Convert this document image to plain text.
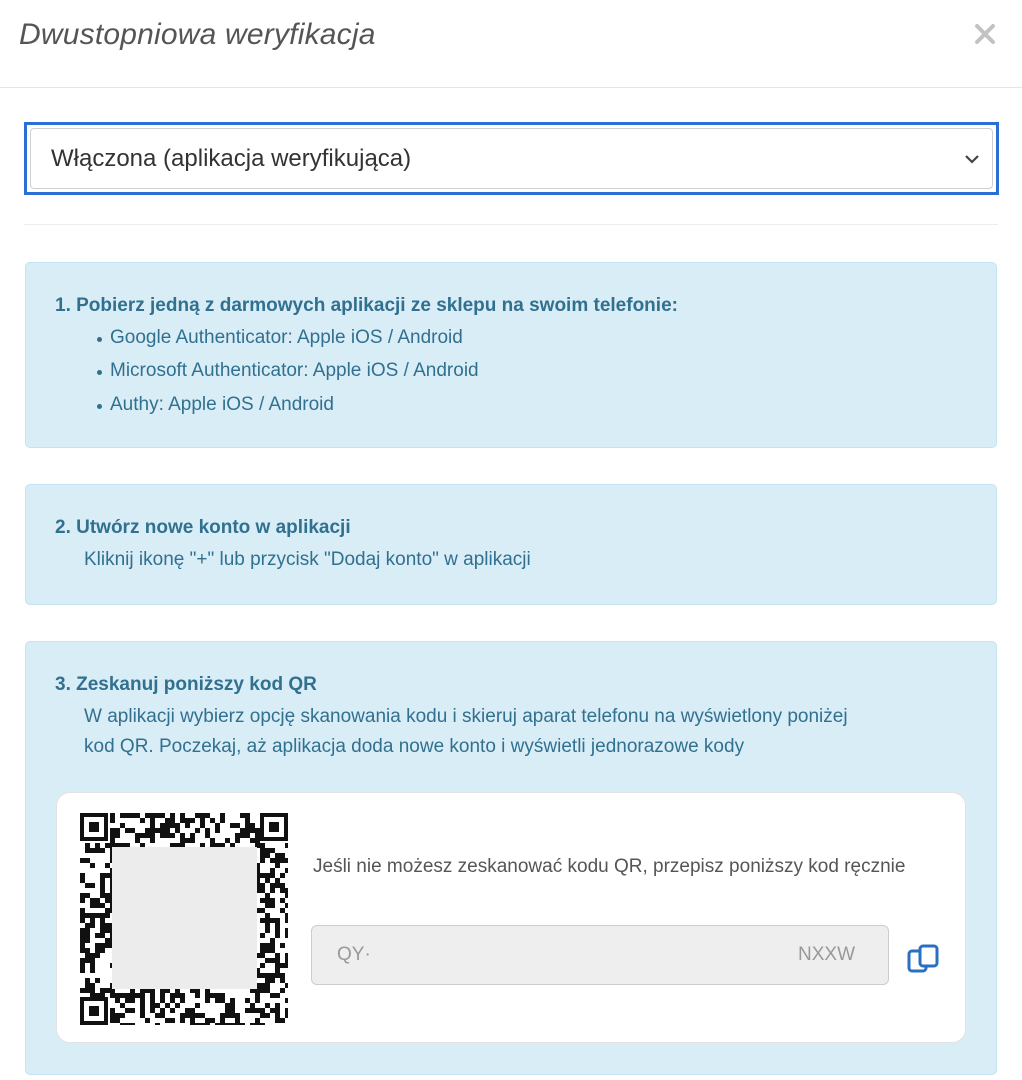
Dwustopniowa weryfikacja
Włączona (aplikacja weryfikująca)
1. Pobierz jedną z darmowych aplikacji ze sklepu na swoim telefonie:
Google Authenticator: Apple iOS / Android
Microsoft Authenticator: Apple iOS / Android
Authy: Apple iOS / Android
2. Utwórz nowe konto w aplikacji
Kliknij ikonę "+" lub przycisk "Dodaj konto" w aplikacji
3. Zeskanuj poniższy kod QR
W aplikacji wybierz opcję skanowania kodu i skieruj aparat telefonu na wyświetlony poniżej
kod QR. Poczekaj, aż aplikacja doda nowe konto i wyświetli jednorazowe kody
Jeśli nie możesz zeskanować kodu QR, przepisz poniższy kod ręcznie
QY·	NXXW
